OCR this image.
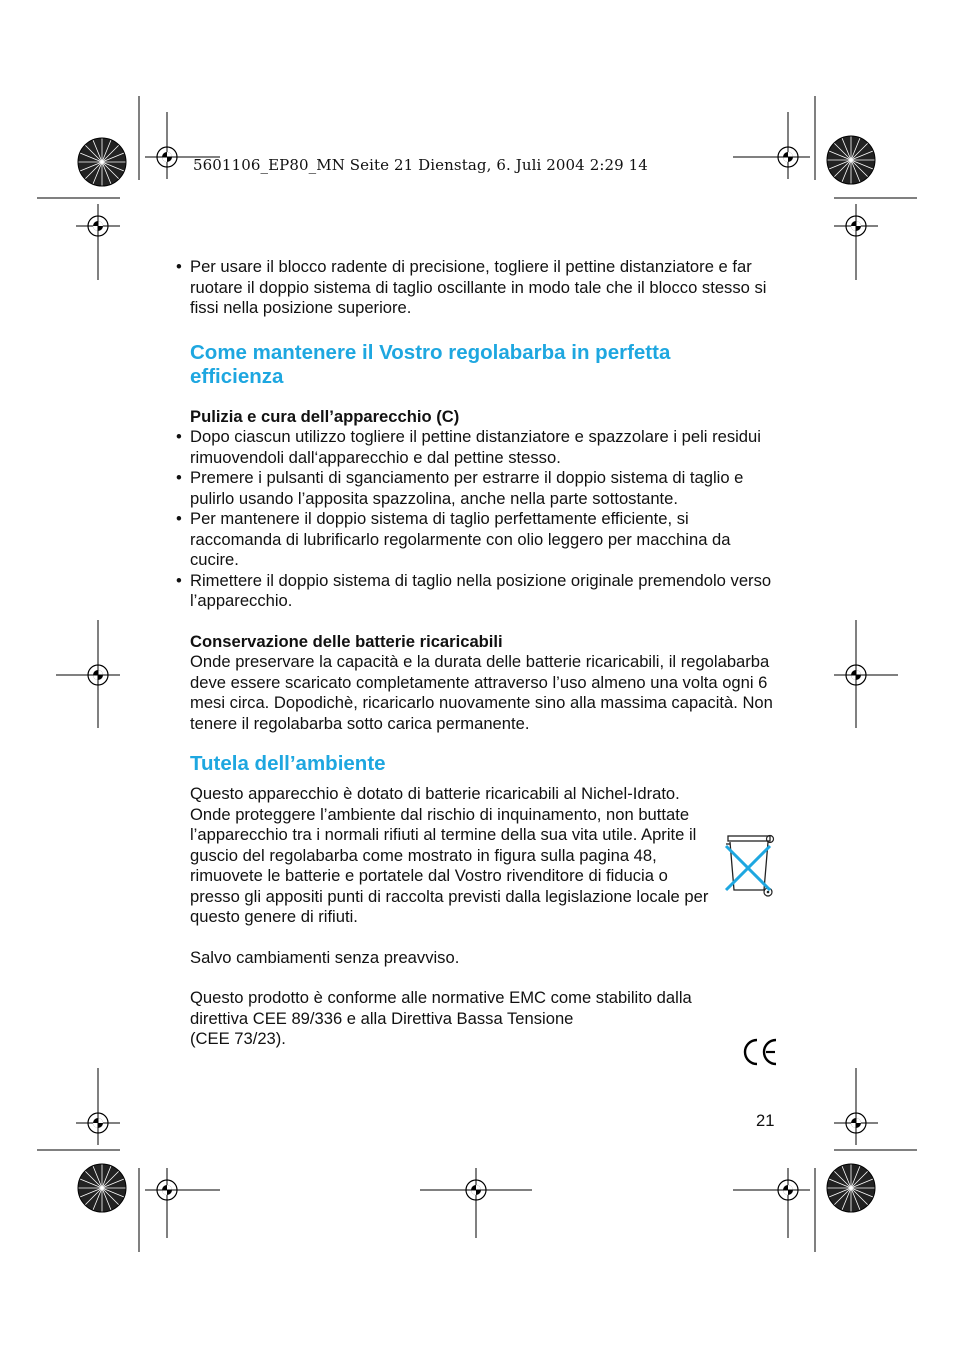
5601106_EP80_MN Seite 21 Dienstag, 6. Juli 2004 2:29 14
• Per usare il blocco radente di precisione, togliere il pettine distanziatore e far ruotare il doppio sistema di taglio oscillante in modo tale che il blocco stesso si fissi nella posizione superiore.

Come mantenere il Vostro regolabarba in perfetta
efficienza

Pulizia e cura dell’apparecchio (C)

• Dopo ciascun utilizzo togliere il pettine distanziatore e spazzolare i peli residui rimuovendoli dall‘apparecchio e dal pettine stesso.

• Premere i pulsanti di sganciamento per estrarre il doppio sistema di taglio e pulirlo usando l’apposita spazzolina, anche nella parte sottostante.

• Per mantenere il doppio sistema di taglio perfettamente efficiente, si raccomanda di lubrificarlo regolarmente con olio leggero per macchina da cucire.

• Rimettere il doppio sistema di taglio nella posizione originale premendolo verso l’apparecchio.

Conservazione delle batterie ricaricabili

Onde preservare la capacità e la durata delle batterie ricaricabili, il regolabarba deve essere scaricato completamente attraverso l’uso almeno una volta ogni 6 mesi circa. Dopodichè, ricaricarlo nuovamente sino alla massima capacità. Non tenere il regolabarba sotto carica permanente.

Tutela dell’ambiente

Questo apparecchio è dotato di batterie ricaricabili al Nichel-Idrato. Onde proteggere l’ambiente dal rischio di inquinamento, non buttate l’apparecchio tra i normali rifiuti al termine della sua vita utile. Aprite il guscio del regolabarba come mostrato in figura sulla pagina 48, rimuovete le batterie e portatele dal Vostro rivenditore di fiducia o presso gli appositi punti di raccolta previsti dalla legislazione locale per questo genere di rifiuti.

Salvo cambiamenti senza preavviso.

Questo prodotto è conforme alle normative EMC come stabilito dalla direttiva CEE 89/336 e alla Direttiva Bassa Tensione
(CEE 73/23).

21
